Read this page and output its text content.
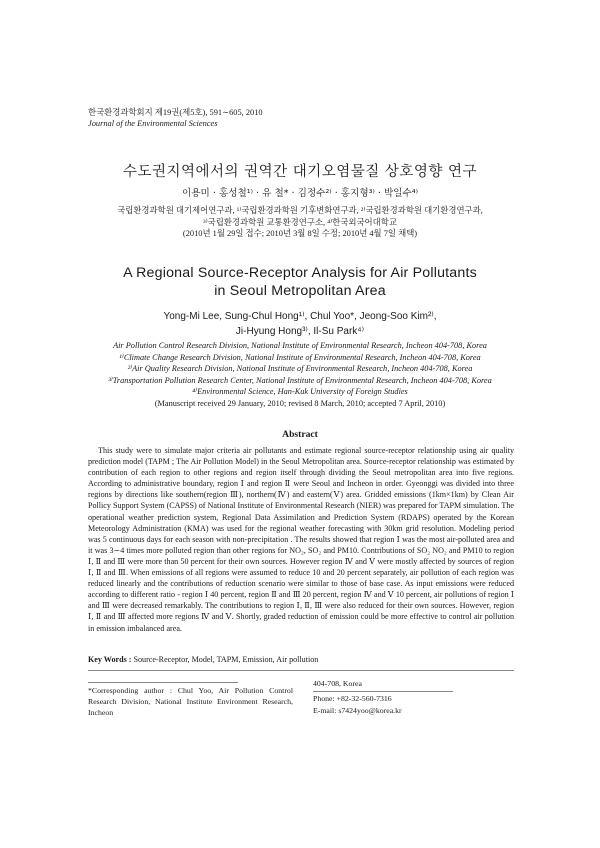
한국환경과학회지 제19권(제5호), 591∼605, 2010
Journal of the Environmental Sciences
수도권지역에서의 권역간 대기오염물질 상호영향 연구
이용미 · 홍성철¹⁾ · 유 철* · 김정수²⁾ · 홍지형³⁾ · 박일수⁴⁾
국립환경과학원 대기제어연구과, ¹⁾국립환경과학원 기후변화연구과, ²⁾국립환경과학원 대기환경연구과,
³⁾국립환경과학원 교통환경연구소, ⁴⁾한국외국어대학교
(2010년 1월 29일 접수; 2010년 3월 8일 수정; 2010년 4월 7일 채택)
A Regional Source-Receptor Analysis for Air Pollutants
in Seoul Metropolitan Area
Yong-Mi Lee, Sung-Chul Hong¹⁾, Chul Yoo*, Jeong-Soo Kim²⁾,
Ji-Hyung Hong³⁾, Il-Su Park⁴⁾
Air Pollution Control Research Division, National Institute of Environmental Research, Incheon 404-708, Korea
¹⁾Climate Change Research Division, National Institute of Environmental Research, Incheon 404-708, Korea
²⁾Air Quality Research Division, National Institute of Environmental Research, Incheon 404-708, Korea
³⁾Transportation Pollution Research Center, National Institute of Environmental Research, Incheon 404-708, Korea
⁴⁾Environmental Science, Han-Kuk University of Foreign Studies
(Manuscript received 29 January, 2010; revised 8 March, 2010; accepted 7 April, 2010)
Abstract
This study were to simulate major criteria air pollutants and estimate regional source-receptor relationship using air quality prediction model (TAPM ; The Air Pollution Model) in the Seoul Metropolitan area. Source-receptor relationship was estimated by contribution of each region to other regions and region itself through dividing the Seoul metropolitan area into five regions. According to administrative boundary, region Ⅰ and region Ⅱ were Seoul and Incheon in order. Gyeonggi was divided into three regions by directions like southern(region Ⅲ), northern(Ⅳ) and eastern(Ⅴ) area. Gridded emissions (1km×1km) by Clean Air Pollicy Support System (CAPSS) of National Institute of Environmental Research (NIER) was prepared for TAPM simulation. The operational weather prediction system, Regional Data Assimilation and Prediction System (RDAPS) operated by the Korean Meteorology Administration (KMA) was used for the regional weather forecasting with 30km grid resolution. Modeling period was 5 continuous days for each season with non-precipitation . The results showed that region Ⅰ was the most air-polluted area and it was 3∼4 times more polluted region than other regions for NO₂, SO₂ and PM10. Contributions of SO₂ NO₂ and PM10 to region Ⅰ, Ⅱ and Ⅲ were more than 50 percent for their own sources. However region Ⅳ and Ⅴ were mostly affected by sources of region Ⅰ, Ⅱ and Ⅲ. When emissions of all regions were assumed to reduce 10 and 20 percent separately, air pollution of each region was reduced linearly and the contributions of reduction scenario were similar to those of base case. As input emissions were reduced according to different ratio - region Ⅰ 40 percent, region Ⅱ and Ⅲ 20 percent, region Ⅳ and Ⅴ 10 percent, air pollutions of region Ⅰ and Ⅲ were decreased remarkably. The contributions to region Ⅰ, Ⅱ, Ⅲ were also reduced for their own sources. However, region Ⅰ, Ⅱ and Ⅲ affected more regions Ⅳ and Ⅴ. Shortly, graded reduction of emission could be more effective to control air pollution in emission imbalanced area.
Key Words : Source-Receptor, Model, TAPM, Emission, Air pollution
*Corresponding author : Chul Yoo, Air Pollution Control Research Division, National Institute Environment Research, Incheon
404-708, Korea
Phone: +82-32-560-7316
E-mail: s7424yoo@korea.kr
